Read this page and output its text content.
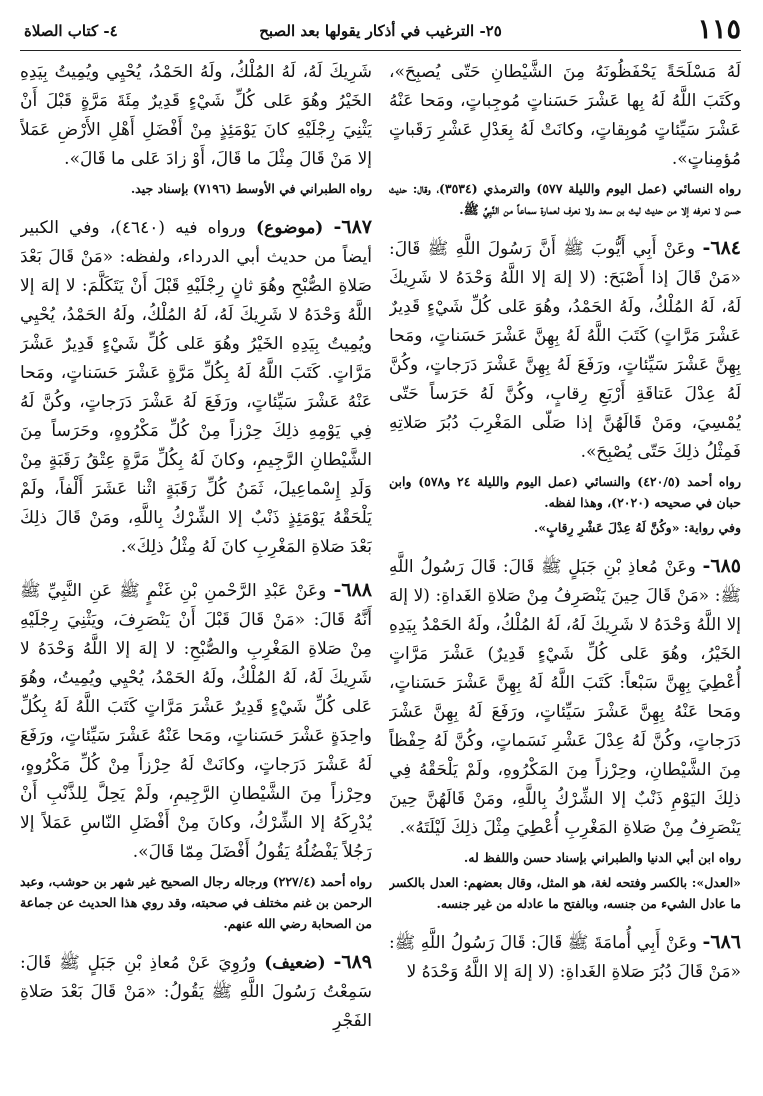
١١٥
٢٥- الترغيب في أذكار يقولها بعد الصبح
٤- كتاب الصلاة

لَهُ مَسْلَحَةً يَحْفَظُونَهُ مِنَ الشَّيْطانِ حَتّى يُصبِحَ»، وكَتَبَ اللَّهُ لَهُ بِها عَشْرَ حَسَناتٍ مُوجِباتٍ، ومَحا عَنْهُ عَشْرَ سَيِّئاتٍ مُوبِقاتٍ، وكانَتْ لَهُ بِعَدْلِ عَشْرِ رَقَباتٍ مُؤمِناتٍ».

رواه النسائي (عمل اليوم والليلة ٥٧٧) والترمذي (٣٥٣٤)، وقال: حديث حسن لا نعرفه إلا من حديث ليث بن سعد ولا نعرف لعمارة سماعاً من النَّبِيِّ ﷺ.

٦٨٤- وعَنْ أَبِي أَيُّوبَ ﷺ أَنَّ رَسُولَ اللَّهِ ﷺ قَالَ: «مَنْ قَالَ إذا أَصْبَحَ: (لا إلهَ إلا اللَّهُ وَحْدَهُ لا شَرِيكَ لَهُ، لَهُ المُلْكُ، ولَهُ الحَمْدُ، وهُوَ عَلى كُلِّ شَيْءٍ قَدِيرٌ عَشْرَ مَرَّاتٍ) كَتَبَ اللَّهُ لَهُ بِهِنَّ عَشْرَ حَسَناتٍ، ومَحا بِهِنَّ عَشْرَ سَيِّئاتٍ، ورَفَعَ لَهُ بِهِنَّ عَشْرَ دَرَجاتٍ، وكُنَّ لَهُ عِدْلَ عَتاقَةِ أَرْبَعِ رِقابٍ، وكُنَّ لَهُ حَرَساً حَتّى يُمْسِيَ، ومَنْ قَالَهُنَّ إذا صَلّى المَغْرِبَ دُبُرَ صَلاتِهِ فَمِثْلُ ذلِكَ حَتّى يُصْبِحَ».

رواه أحمد (٤٢٠/٥) والنسائي (عمل اليوم والليلة ٢٤ و٥٧٨) وابن حبان في صحيحه (٢٠٢٠)، وهذا لفظه.

وفي رواية: «وكُنَّ لَهُ عِدْلَ عَشْرِ رِقابٍ».

٦٨٥- وعَنْ مُعاذِ بْنِ جَبَلٍ ﷺ قَالَ: قَالَ رَسُولُ اللَّهِ ﷺ: «مَنْ قَالَ حِينَ يَنْصَرِفُ مِنْ صَلاةِ الغَداةِ: (لا إلهَ إلا اللَّهُ وَحْدَهُ لا شَرِيكَ لَهُ، لَهُ المُلْكُ، ولَهُ الحَمْدُ بِيَدِهِ الخَيْرُ، وهُوَ عَلى كُلِّ شَيْءٍ قَدِيرٌ) عَشْرَ مَرَّاتٍ أُعْطِيَ بِهِنَّ سَبْعاً: كَتَبَ اللَّهُ لَهُ بِهِنَّ عَشْرَ حَسَناتٍ، ومَحا عَنْهُ بِهِنَّ عَشْرَ سَيِّئاتٍ، ورَفَعَ لَهُ بِهِنَّ عَشْرَ دَرَجاتٍ، وكُنَّ لَهُ عِدْلَ عَشْرِ نَسَماتٍ، وكُنَّ لَهُ حِفْظاً مِنَ الشَّيْطانِ، وحِرْزاً مِنَ المَكْرُوهِ، ولَمْ يَلْحَقْهُ فِي ذلِكَ اليَوْمِ ذَنْبٌ إلا الشِّرْكُ بِاللَّهِ، ومَنْ قَالَهُنَّ حِينَ يَنْصَرِفُ مِنْ صَلاةِ المَغْرِبِ أُعْطِيَ مِثْلَ ذلِكَ لَيْلَتَهُ».

رواه ابن أبي الدنيا والطبراني بإسناد حسن واللفظ له.

«العدل»: بالكسر وفتحه لغة، هو المثل، وقال بعضهم: العدل بالكسر ما عادل الشيء من جنسه، وبالفتح ما عادله من غير جنسه.

٦٨٦- وعَنْ أَبِي أُمامَةَ ﷺ قَالَ: قَالَ رَسُولُ اللَّهِ ﷺ: «مَنْ قَالَ دُبُرَ صَلاةِ الغَداةِ: (لا إلهَ إلا اللَّهُ وَحْدَهُ لا

شَرِيكَ لَهُ، لَهُ المُلْكُ، ولَهُ الحَمْدُ، يُحْيِي ويُمِيتُ بِيَدِهِ الخَيْرُ وهُوَ عَلى كُلِّ شَيْءٍ قَدِيرٌ مِئَةَ مَرَّةٍ قَبْلَ أَنْ يَثْنِيَ رِجْلَيْهِ كانَ يَوْمَئِذٍ مِنْ أَفْضَلِ أَهْلِ الأَرْضِ عَمَلاً إلا مَنْ قَالَ مِثْلَ ما قَالَ، أَوْ زادَ عَلى ما قَالَ».

رواه الطبراني في الأوسط (٧١٩٦) بإسناد جيد.

٦٨٧- (موضوع) ورواه فيه (٤٦٤٠)، وفي الكبير أيضاً من حديث أبي الدرداء، ولفظه: «مَنْ قَالَ بَعْدَ صَلاةِ الصُّبْحِ وهُوَ ثانٍ رِجْلَيْهِ قَبْلَ أَنْ يَتَكَلَّمَ: لا إلهَ إلا اللَّهُ وَحْدَهُ لا شَرِيكَ لَهُ، لَهُ المُلْكُ، ولَهُ الحَمْدُ، يُحْيِي ويُمِيتُ بِيَدِهِ الخَيْرُ وهُوَ عَلى كُلِّ شَيْءٍ قَدِيرٌ عَشْرَ مَرَّاتٍ. كَتَبَ اللَّهُ لَهُ بِكُلِّ مَرَّةٍ عَشْرَ حَسَناتٍ، ومَحا عَنْهُ عَشْرَ سَيِّئاتٍ، ورَفَعَ لَهُ عَشْرَ دَرَجاتٍ، وكُنَّ لَهُ فِي يَوْمِهِ ذلِكَ حِرْزاً مِنْ كُلِّ مَكْرُوهٍ، وحَرَساً مِنَ الشَّيْطانِ الرَّجِيمِ، وكانَ لَهُ بِكُلِّ مَرَّةٍ عِتْقُ رَقَبَةٍ مِنْ وَلَدِ إِسْماعِيلَ، ثَمَنُ كُلِّ رَقَبَةٍ اثْنا عَشَرَ أَلْفاً، ولَمْ يَلْحَقْهُ يَوْمَئِذٍ ذَنْبٌ إلا الشِّرْكُ بِاللَّهِ، ومَنْ قَالَ ذلِكَ بَعْدَ صَلاةِ المَغْرِبِ كانَ لَهُ مِثْلُ ذلِكَ».

٦٨٨- وعَنْ عَبْدِ الرَّحْمنِ بْنِ غَنْمٍ ﷺ عَنِ النَّبِيِّ ﷺ أَنَّهُ قَالَ: «مَنْ قَالَ قَبْلَ أَنْ يَنْصَرِفَ، ويَثْنِيَ رِجْلَيْهِ مِنْ صَلاةِ المَغْرِبِ والصُّبْحِ: لا إلهَ إلا اللَّهُ وَحْدَهُ لا شَرِيكَ لَهُ، لَهُ المُلْكُ، ولَهُ الحَمْدُ، يُحْيِي ويُمِيتُ، وهُوَ عَلى كُلِّ شَيْءٍ قَدِيرٌ عَشْرَ مَرَّاتٍ كَتَبَ اللَّهُ لَهُ بِكُلِّ واحِدَةٍ عَشْرَ حَسَناتٍ، ومَحا عَنْهُ عَشْرَ سَيِّئاتٍ، ورَفَعَ لَهُ عَشْرَ دَرَجاتٍ، وكانَتْ لَهُ حِرْزاً مِنْ كُلِّ مَكْرُوهٍ، وحِرْزاً مِنَ الشَّيْطانِ الرَّجِيمِ، ولَمْ يَحِلَّ لِلذَّنْبِ أَنْ يُدْرِكَهُ إلا الشِّرْكُ، وكانَ مِنْ أَفْضَلِ النّاسِ عَمَلاً إلا رَجُلاً يَفْضُلُهُ يَقُولُ أَفْضَلَ مِمّا قَالَ».

رواه أحمد (٢٢٧/٤) ورجاله رجال الصحيح غير شهر بن حوشب، وعبد الرحمن بن غنم مختلف في صحبته، وقد روي هذا الحديث عن جماعة من الصحابة رضي الله عنهم.

٦٨٩- (ضعيف) ورُوِيَ عَنْ مُعاذِ بْنِ جَبَلٍ ﷺ قَالَ: سَمِعْتُ رَسُولَ اللَّهِ ﷺ يَقُولُ: «مَنْ قَالَ بَعْدَ صَلاةِ الفَجْرِ
